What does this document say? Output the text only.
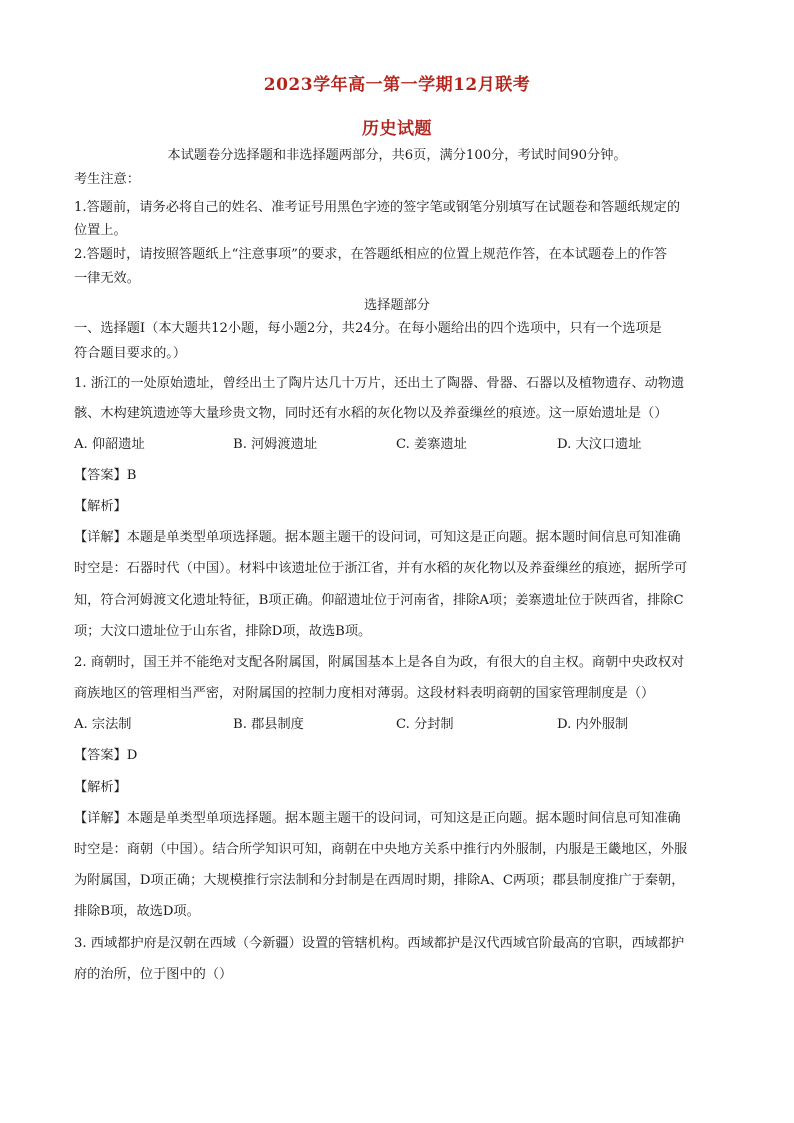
2023学年高一第一学期12月联考
历史试题
本试题卷分选择题和非选择题两部分，共6页，满分100分，考试时间90分钟。
考生注意：
1.答题前，请务必将自己的姓名、准考证号用黑色字迹的签字笔或钢笔分别填写在试题卷和答题纸规定的
位置上。
2.答题时，请按照答题纸上“注意事项”的要求，在答题纸相应的位置上规范作答，在本试题卷上的作答
一律无效。
选择题部分
一、选择题Ⅰ（本大题共12小题，每小题2分，共24分。在每小题给出的四个选项中，只有一个选项是
符合题目要求的。）
1. 浙江的一处原始遗址，曾经出土了陶片达几十万片，还出土了陶器、骨器、石器以及植物遗存、动物遗
骸、木构建筑遗迹等大量珍贵文物，同时还有水稻的灰化物以及养蚕缫丝的痕迹。这一原始遗址是（）
A. 仰韶遗址	B. 河姆渡遗址	C. 姜寨遗址	D. 大汶口遗址
【答案】B
【解析】
【详解】本题是单类型单项选择题。据本题主题干的设问词，可知这是正向题。据本题时间信息可知准确
时空是：石器时代（中国）。材料中该遗址位于浙江省，并有水稻的灰化物以及养蚕缫丝的痕迹，据所学可
知，符合河姆渡文化遗址特征，B项正确。仰韶遗址位于河南省，排除A项；姜寨遗址位于陕西省，排除C
项；大汶口遗址位于山东省，排除D项，故选B项。
2. 商朝时，国王并不能绝对支配各附属国，附属国基本上是各自为政，有很大的自主权。商朝中央政权对
商族地区的管理相当严密，对附属国的控制力度相对薄弱。这段材料表明商朝的国家管理制度是（）
A. 宗法制	B. 郡县制度	C. 分封制	D. 内外服制
【答案】D
【解析】
【详解】本题是单类型单项选择题。据本题主题干的设问词，可知这是正向题。据本题时间信息可知准确
时空是：商朝（中国）。结合所学知识可知，商朝在中央地方关系中推行内外服制，内服是王畿地区，外服
为附属国，D项正确；大规模推行宗法制和分封制是在西周时期，排除A、C两项；郡县制度推广于秦朝，
排除B项，故选D项。
3. 西域都护府是汉朝在西域（今新疆）设置的管辖机构。西域都护是汉代西域官阶最高的官职，西域都护
府的治所，位于图中的（）
